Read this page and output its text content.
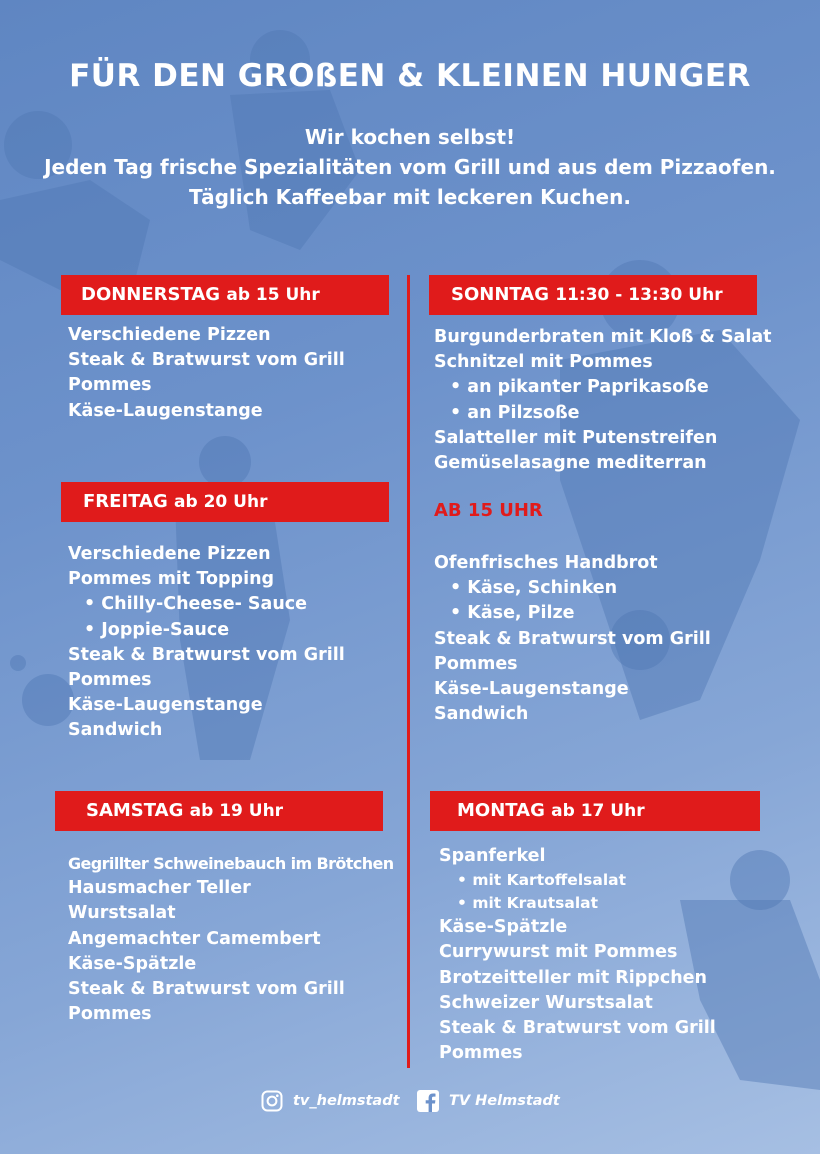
FÜR DEN GROßEN & KLEINEN HUNGER
Wir kochen selbst!
Jeden Tag frische Spezialitäten vom Grill und aus dem Pizzaofen.
Täglich Kaffeebar mit leckeren Kuchen.
DONNERSTAG ab 15 Uhr
Verschiedene Pizzen
Steak & Bratwurst vom Grill
Pommes
Käse-Laugenstange
FREITAG ab 20 Uhr
Verschiedene Pizzen
Pommes mit Topping
• Chilly-Cheese- Sauce
• Joppie-Sauce
Steak & Bratwurst vom Grill
Pommes
Käse-Laugenstange
Sandwich
SAMSTAG ab 19 Uhr
Gegrillter Schweinebauch im Brötchen
Hausmacher Teller
Wurstsalat
Angemachter Camembert
Käse-Spätzle
Steak & Bratwurst vom Grill
Pommes
SONNTAG 11:30 - 13:30 Uhr
Burgunderbraten mit Kloß & Salat
Schnitzel mit Pommes
• an pikanter Paprikasoße
• an Pilzsoße
Salatteller mit Putenstreifen
Gemüselasagne mediterran
AB 15 UHR
Ofenfrisches Handbrot
• Käse, Schinken
• Käse, Pilze
Steak & Bratwurst vom Grill
Pommes
Käse-Laugenstange
Sandwich
MONTAG ab 17 Uhr
Spanferkel
• mit Kartoffelsalat
• mit Krautsalat
Käse-Spätzle
Currywurst mit Pommes
Brotzeitteller mit Rippchen
Schweizer Wurstsalat
Steak & Bratwurst vom Grill
Pommes
tv_helmstadt	TV Helmstadt
